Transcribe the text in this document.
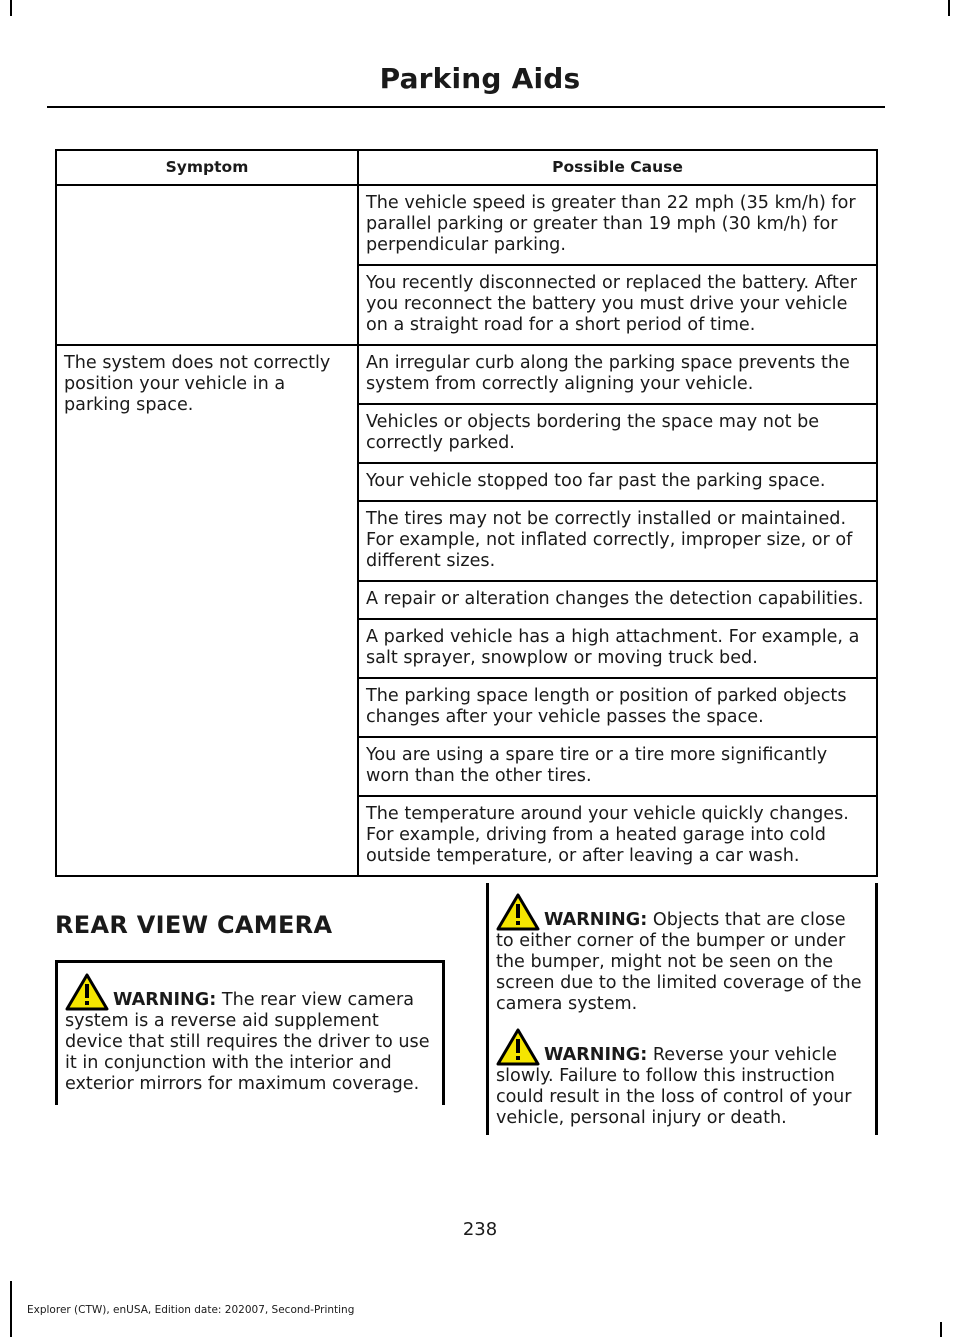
Parking Aids
Symptom	Possible Cause
	The vehicle speed is greater than 22 mph (35 km/h) for parallel parking or greater than 19 mph (30 km/h) for perpendicular parking.
	You recently disconnected or replaced the battery. After you reconnect the battery you must drive your vehicle on a straight road for a short period of time.
The system does not correctly position your vehicle in a parking space.	An irregular curb along the parking space prevents the system from correctly aligning your vehicle.
	Vehicles or objects bordering the space may not be correctly parked.
	Your vehicle stopped too far past the parking space.
	The tires may not be correctly installed or maintained. For example, not inflated correctly, improper size, or of different sizes.
	A repair or alteration changes the detection capabilities.
	A parked vehicle has a high attachment. For example, a salt sprayer, snowplow or moving truck bed.
	The parking space length or position of parked objects changes after your vehicle passes the space.
	You are using a spare tire or a tire more significantly worn than the other tires.
	The temperature around your vehicle quickly changes. For example, driving from a heated garage into cold outside temperature, or after leaving a car wash.
REAR VIEW CAMERA
WARNING: The rear view camera system is a reverse aid supplement device that still requires the driver to use it in conjunction with the interior and exterior mirrors for maximum coverage.
WARNING: Objects that are close to either corner of the bumper or under the bumper, might not be seen on the screen due to the limited coverage of the camera system.
WARNING: Reverse your vehicle slowly. Failure to follow this instruction could result in the loss of control of your vehicle, personal injury or death.
238
Explorer (CTW), enUSA, Edition date: 202007, Second-Printing
